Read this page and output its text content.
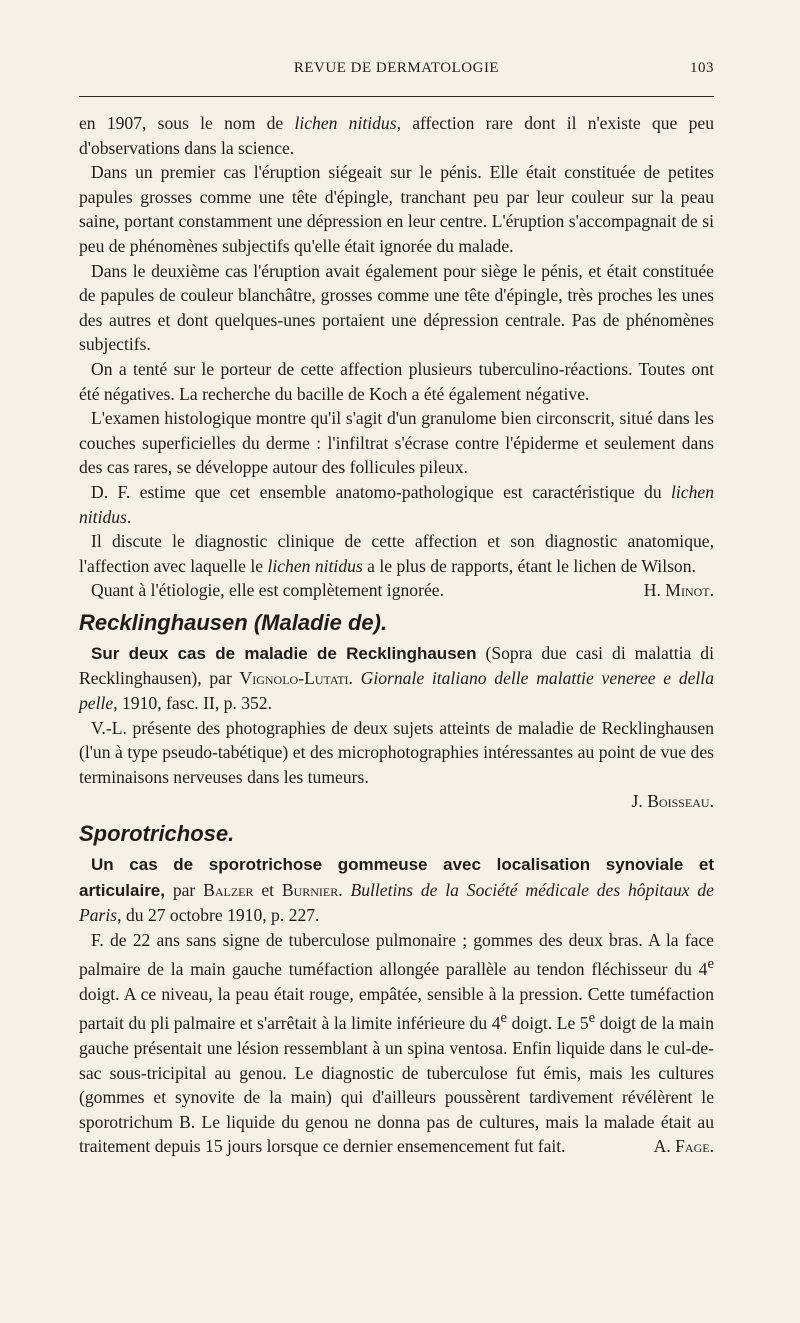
REVUE DE DERMATOLOGIE	103

en 1907, sous le nom de lichen nitidus, affection rare dont il n'existe que peu d'observations dans la science.

Dans un premier cas l'éruption siégeait sur le pénis. Elle était constituée de petites papules grosses comme une tête d'épingle, tranchant peu par leur couleur sur la peau saine, portant constamment une dépression en leur centre. L'éruption s'accompagnait de si peu de phénomènes subjectifs qu'elle était ignorée du malade.

Dans le deuxième cas l'éruption avait également pour siège le pénis, et était constituée de papules de couleur blanchâtre, grosses comme une tête d'épingle, très proches les unes des autres et dont quelques-unes portaient une dépression centrale. Pas de phénomènes subjectifs.

On a tenté sur le porteur de cette affection plusieurs tuberculino-réactions. Toutes ont été négatives. La recherche du bacille de Koch a été également négative.

L'examen histologique montre qu'il s'agit d'un granulome bien circonscrit, situé dans les couches superficielles du derme : l'infiltrat s'écrase contre l'épiderme et seulement dans des cas rares, se développe autour des follicules pileux.

D. F. estime que cet ensemble anatomo-pathologique est caractéristique du lichen nitidus.

Il discute le diagnostic clinique de cette affection et son diagnostic anatomique, l'affection avec laquelle le lichen nitidus a le plus de rapports, étant le lichen de Wilson.

Quant à l'étiologie, elle est complètement ignorée.	H. Minot.

Recklinghausen (Maladie de).

Sur deux cas de maladie de Recklinghausen (Sopra due casi di malattia di Recklinghausen), par Vignolo-Lutati. Giornale italiano delle malattie veneree e della pelle, 1910, fasc. II, p. 352.

V.-L. présente des photographies de deux sujets atteints de maladie de Recklinghausen (l'un à type pseudo-tabétique) et des microphotographies intéressantes au point de vue des terminaisons nerveuses dans les tumeurs.

J. Boisseau.

Sporotrichose.

Un cas de sporotrichose gommeuse avec localisation synoviale et articulaire, par Balzer et Burnier. Bulletins de la Société médicale des hôpitaux de Paris, du 27 octobre 1910, p. 227.

F. de 22 ans sans signe de tuberculose pulmonaire ; gommes des deux bras. A la face palmaire de la main gauche tuméfaction allongée parallèle au tendon fléchisseur du 4e doigt. A ce niveau, la peau était rouge, empâtée, sensible à la pression. Cette tuméfaction partait du pli palmaire et s'arrêtait à la limite inférieure du 4e doigt. Le 5e doigt de la main gauche présentait une lésion ressemblant à un spina ventosa. Enfin liquide dans le cul-de-sac sous-tricipital au genou. Le diagnostic de tuberculose fut émis, mais les cultures (gommes et synovite de la main) qui d'ailleurs poussèrent tardivement révélèrent le sporotrichum B. Le liquide du genou ne donna pas de cultures, mais la malade était au traitement depuis 15 jours lorsque ce dernier ensemencement fut fait.	A. Fage.
